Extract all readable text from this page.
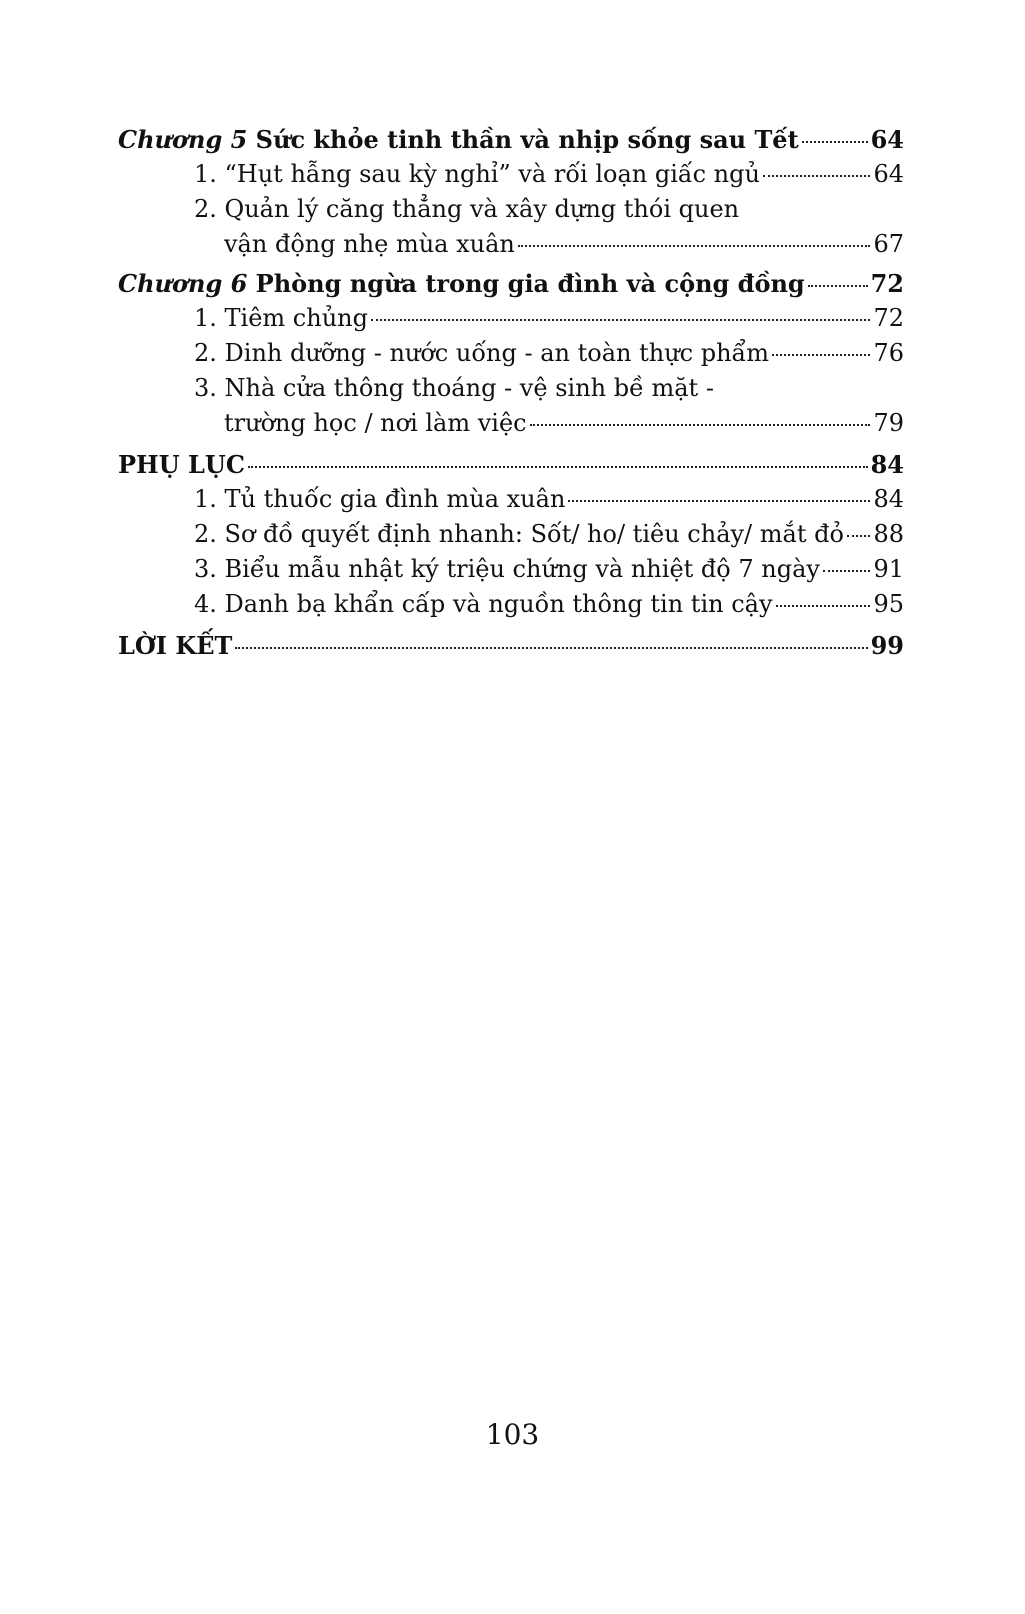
Chương 5 Sức khỏe tinh thần và nhịp sống sau Tết	64
1. “Hụt hẫng sau kỳ nghỉ” và rối loạn giấc ngủ	64
2. Quản lý căng thẳng và xây dựng thói quen
vận động nhẹ mùa xuân	67
Chương 6 Phòng ngừa trong gia đình và cộng đồng	72
1. Tiêm chủng	72
2. Dinh dưỡng - nước uống - an toàn thực phẩm	76
3. Nhà cửa thông thoáng - vệ sinh bề mặt -
trường học / nơi làm việc	79
PHỤ LỤC	84
1. Tủ thuốc gia đình mùa xuân	84
2. Sơ đồ quyết định nhanh: Sốt/ ho/ tiêu chảy/ mắt đỏ 88
3. Biểu mẫu nhật ký triệu chứng và nhiệt độ 7 ngày 91
4. Danh bạ khẩn cấp và nguồn thông tin tin cậy	95
LỜI KẾT	99
103
